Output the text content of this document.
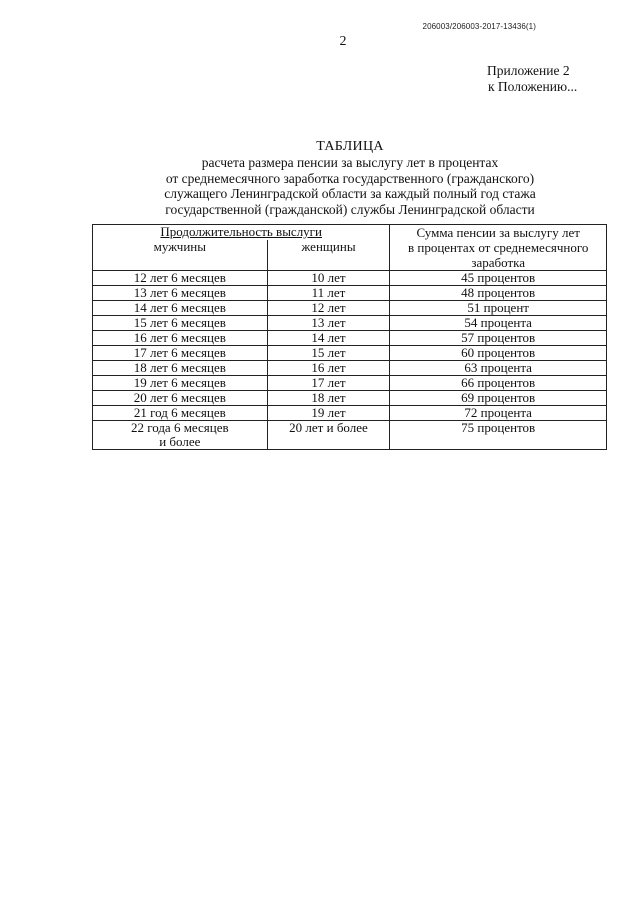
206003/206003-2017-13436(1)
2
Приложение 2
к Положению...
ТАБЛИЦА
расчета размера пенсии за выслугу лет в процентах
от среднемесячного заработка государственного (гражданского)
служащего Ленинградской области за каждый полный год стажа
государственной (гражданской) службы Ленинградской области
Продолжительность выслуги		Сумма пенсии за выслугу лет
в процентах от среднемесячного
заработка

мужчины	женщины	

12 лет 6 месяцев	10 лет	45 процентов

13 лет 6 месяцев	11 лет	48 процентов

14 лет 6 месяцев	12 лет	51 процент

15 лет 6 месяцев	13 лет	54 процента

16 лет 6 месяцев	14 лет	57 процентов

17 лет 6 месяцев	15 лет	60 процентов

18 лет 6 месяцев	16 лет	63 процента

19 лет 6 месяцев	17 лет	66 процентов

20 лет 6 месяцев	18 лет	69 процентов

21 год 6 месяцев	19 лет	72 процента

22 года 6 месяцев
и более	20 лет и более	75 процентов
